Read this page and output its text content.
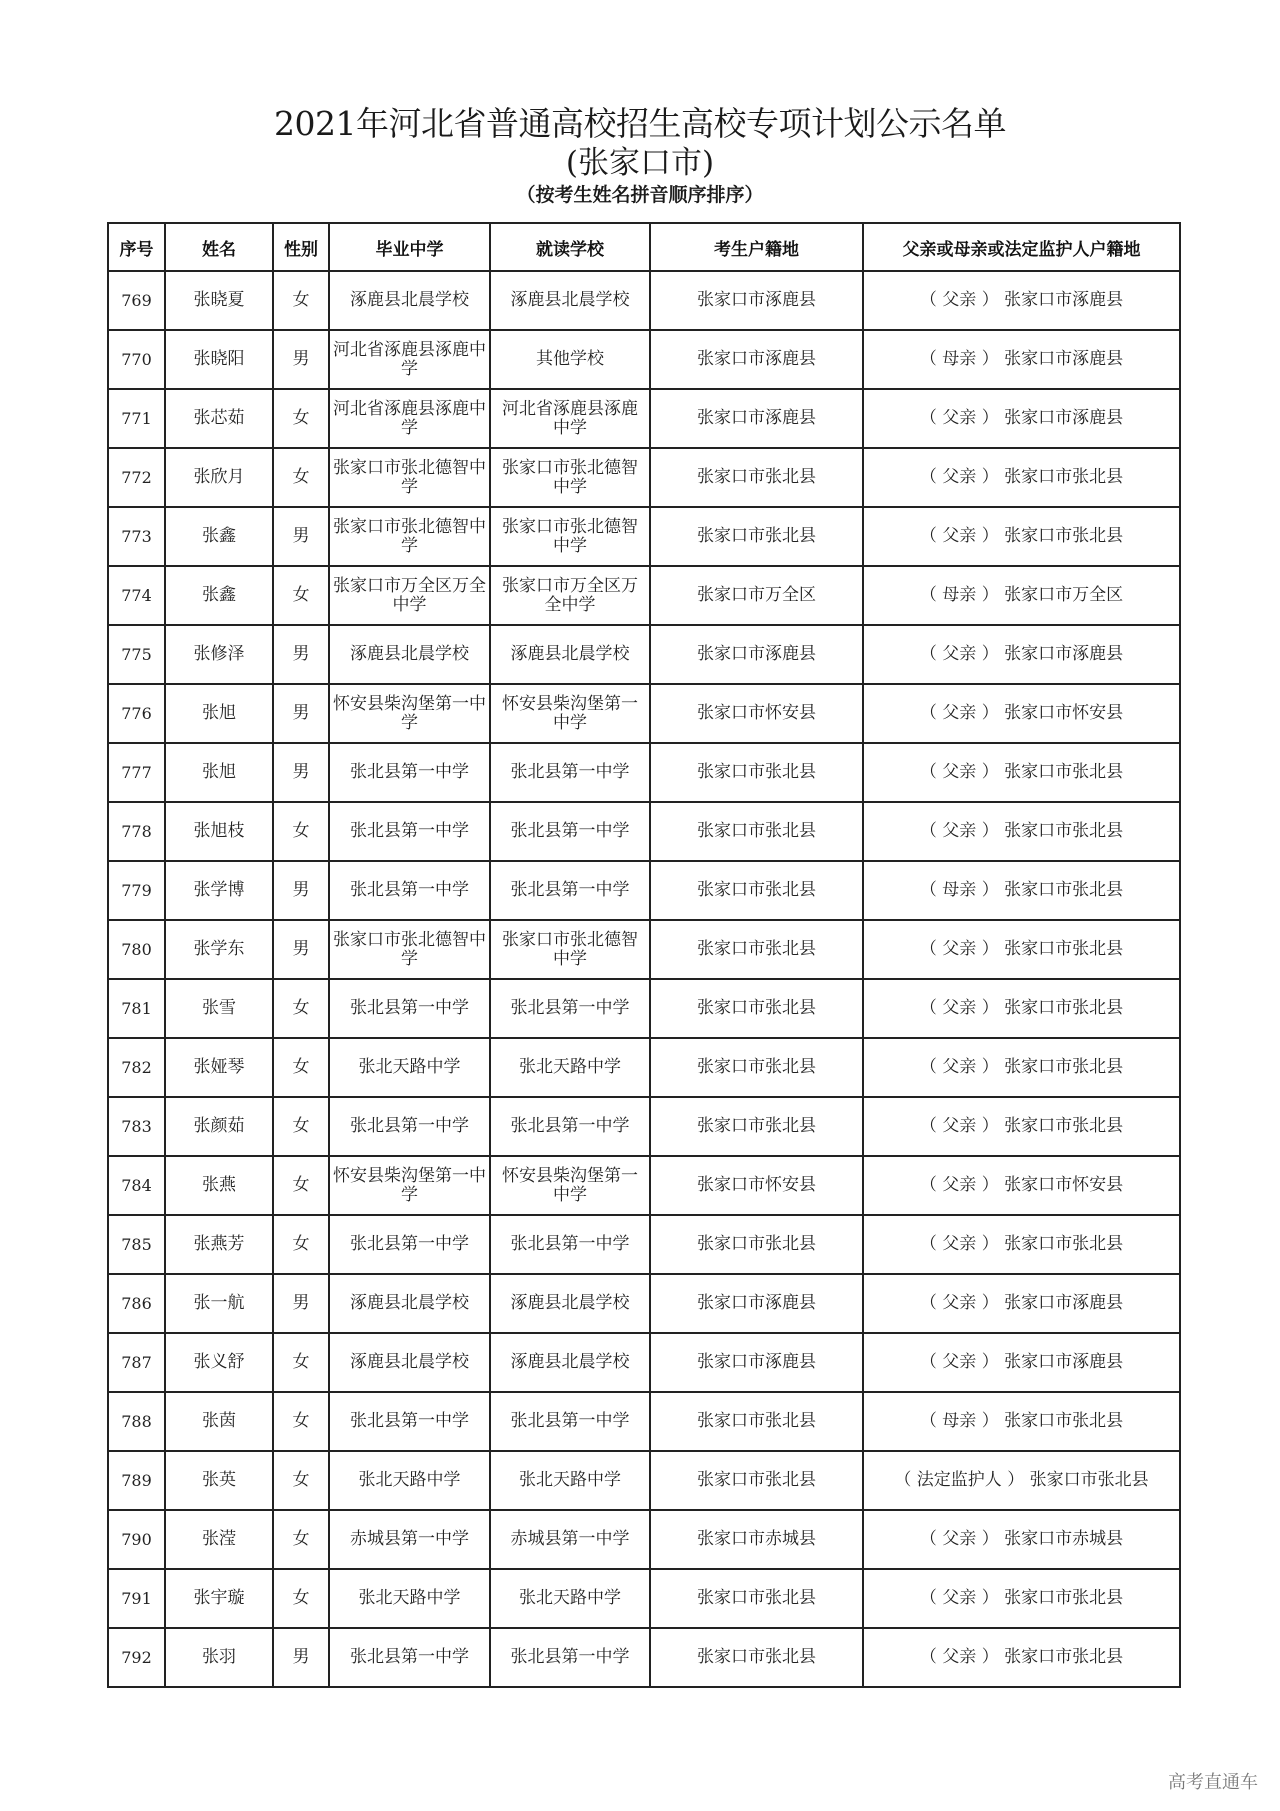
2021年河北省普通高校招生高校专项计划公示名单
(张家口市)
（按考生姓名拼音顺序排序）
序号	姓名	性别	毕业中学	就读学校	考生户籍地	父亲或母亲或法定监护人户籍地
769	张晓夏	女	涿鹿县北晨学校	涿鹿县北晨学校	张家口市涿鹿县	（ 父亲 ） 张家口市涿鹿县
770	张晓阳	男	河北省涿鹿县涿鹿中学	其他学校	张家口市涿鹿县	（ 母亲 ） 张家口市涿鹿县
771	张芯茹	女	河北省涿鹿县涿鹿中学	河北省涿鹿县涿鹿中学	张家口市涿鹿县	（ 父亲 ） 张家口市涿鹿县
772	张欣月	女	张家口市张北德智中学	张家口市张北德智中学	张家口市张北县	（ 父亲 ） 张家口市张北县
773	张鑫	男	张家口市张北德智中学	张家口市张北德智中学	张家口市张北县	（ 父亲 ） 张家口市张北县
774	张鑫	女	张家口市万全区万全中学	张家口市万全区万全中学	张家口市万全区	（ 母亲 ） 张家口市万全区
775	张修泽	男	涿鹿县北晨学校	涿鹿县北晨学校	张家口市涿鹿县	（ 父亲 ） 张家口市涿鹿县
776	张旭	男	怀安县柴沟堡第一中学	怀安县柴沟堡第一中学	张家口市怀安县	（ 父亲 ） 张家口市怀安县
777	张旭	男	张北县第一中学	张北县第一中学	张家口市张北县	（ 父亲 ） 张家口市张北县
778	张旭枝	女	张北县第一中学	张北县第一中学	张家口市张北县	（ 父亲 ） 张家口市张北县
779	张学博	男	张北县第一中学	张北县第一中学	张家口市张北县	（ 母亲 ） 张家口市张北县
780	张学东	男	张家口市张北德智中学	张家口市张北德智中学	张家口市张北县	（ 父亲 ） 张家口市张北县
781	张雪	女	张北县第一中学	张北县第一中学	张家口市张北县	（ 父亲 ） 张家口市张北县
782	张娅琴	女	张北天路中学	张北天路中学	张家口市张北县	（ 父亲 ） 张家口市张北县
783	张颜茹	女	张北县第一中学	张北县第一中学	张家口市张北县	（ 父亲 ） 张家口市张北县
784	张燕	女	怀安县柴沟堡第一中学	怀安县柴沟堡第一中学	张家口市怀安县	（ 父亲 ） 张家口市怀安县
785	张燕芳	女	张北县第一中学	张北县第一中学	张家口市张北县	（ 父亲 ） 张家口市张北县
786	张一航	男	涿鹿县北晨学校	涿鹿县北晨学校	张家口市涿鹿县	（ 父亲 ） 张家口市涿鹿县
787	张义舒	女	涿鹿县北晨学校	涿鹿县北晨学校	张家口市涿鹿县	（ 父亲 ） 张家口市涿鹿县
788	张茵	女	张北县第一中学	张北县第一中学	张家口市张北县	（ 母亲 ） 张家口市张北县
789	张英	女	张北天路中学	张北天路中学	张家口市张北县	（ 法定监护人 ） 张家口市张北县
790	张滢	女	赤城县第一中学	赤城县第一中学	张家口市赤城县	（ 父亲 ） 张家口市赤城县
791	张宇璇	女	张北天路中学	张北天路中学	张家口市张北县	（ 父亲 ） 张家口市张北县
792	张羽	男	张北县第一中学	张北县第一中学	张家口市张北县	（ 父亲 ） 张家口市张北县
高考直通车
